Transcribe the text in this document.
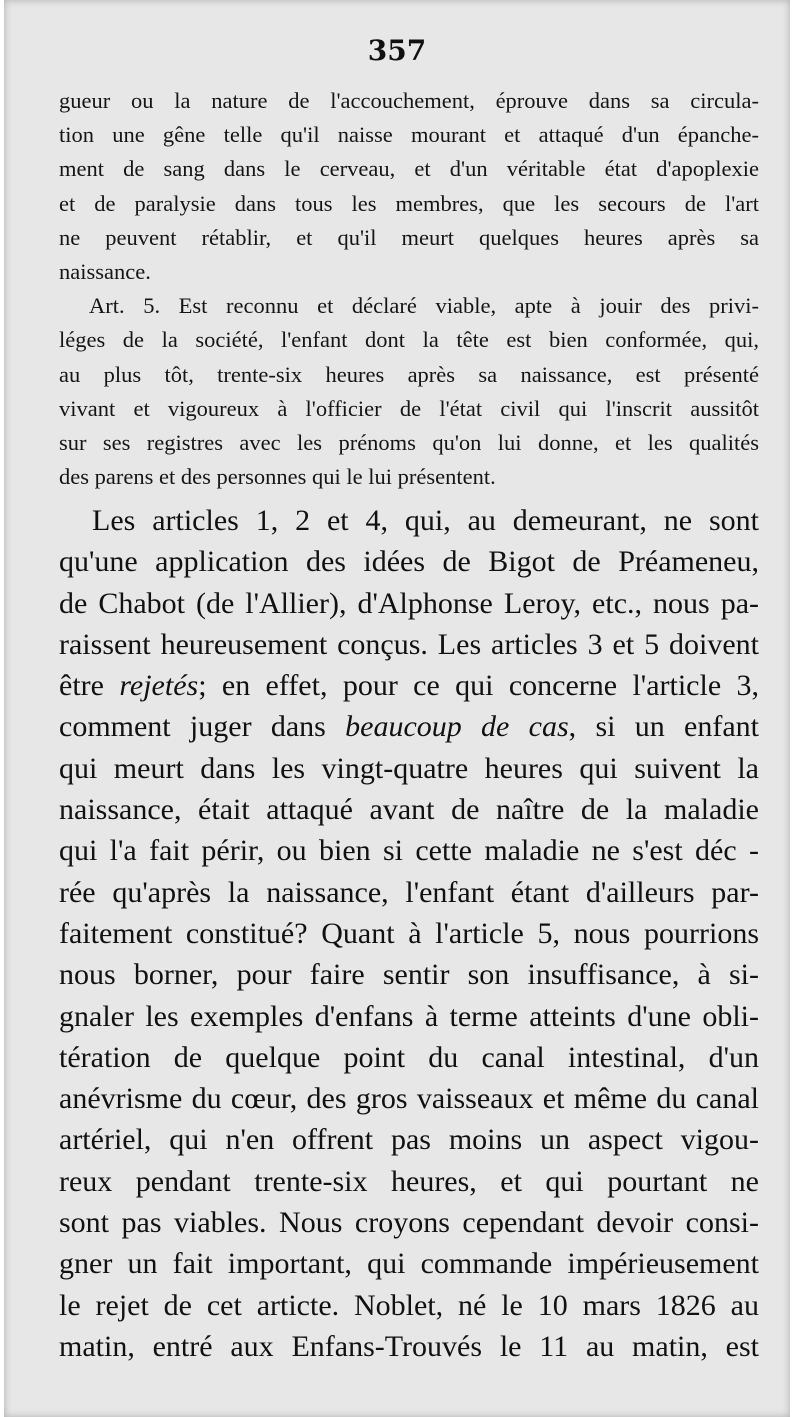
357
gueur ou la nature de l'accouchement, éprouve dans sa circula-
tion une gêne telle qu'il naisse mourant et attaqué d'un épanche-
ment de sang dans le cerveau, et d'un véritable état d'apoplexie
et de paralysie dans tous les membres, que les secours de l'art
ne peuvent rétablir, et qu'il meurt quelques heures après sa
naissance.
Art. 5. Est reconnu et déclaré viable, apte à jouir des privi-
léges de la société, l'enfant dont la tête est bien conformée, qui,
au plus tôt, trente-six heures après sa naissance, est présenté
vivant et vigoureux à l'officier de l'état civil qui l'inscrit aussitôt
sur ses registres avec les prénoms qu'on lui donne, et les qualités
des parens et des personnes qui le lui présentent.
Les articles 1, 2 et 4, qui, au demeurant, ne sont
qu'une application des idées de Bigot de Préameneu,
de Chabot (de l'Allier), d'Alphonse Leroy, etc., nous pa-
raissent heureusement conçus. Les articles 3 et 5 doivent
être rejetés; en effet, pour ce qui concerne l'article 3,
comment juger dans beaucoup de cas, si un enfant
qui meurt dans les vingt-quatre heures qui suivent la
naissance, était attaqué avant de naître de la maladie
qui l'a fait périr, ou bien si cette maladie ne s'est déc -
rée qu'après la naissance, l'enfant étant d'ailleurs par-
faitement constitué? Quant à l'article 5, nous pourrions
nous borner, pour faire sentir son insuffisance, à si-
gnaler les exemples d'enfans à terme atteints d'une obli-
tération de quelque point du canal intestinal, d'un
anévrisme du cœur, des gros vaisseaux et même du canal
artériel, qui n'en offrent pas moins un aspect vigou-
reux pendant trente-six heures, et qui pourtant ne
sont pas viables. Nous croyons cependant devoir consi-
gner un fait important, qui commande impérieusement
le rejet de cet articte. Noblet, né le 10 mars 1826 au
matin, entré aux Enfans-Trouvés le 11 au matin, est
